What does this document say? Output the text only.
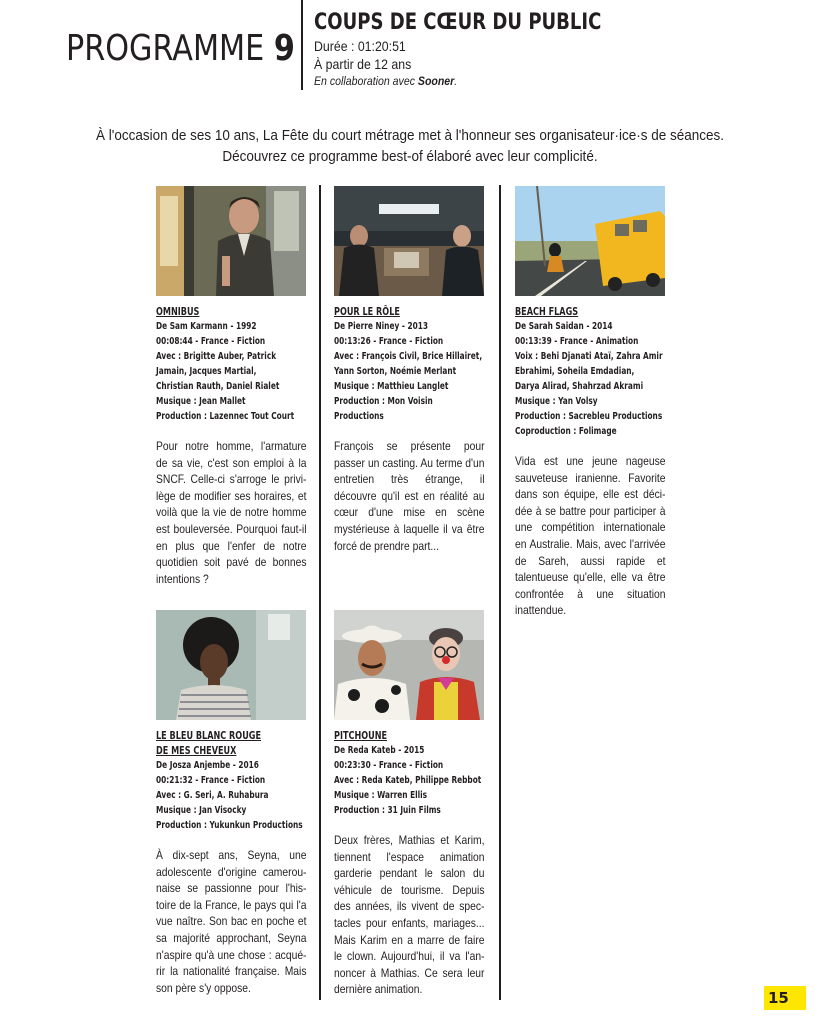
PROGRAMME 9
COUPS DE CŒUR DU PUBLIC
Durée : 01:20:51
À partir de 12 ans
En collaboration avec Sooner.
À l'occasion de ses 10 ans, La Fête du court métrage met à l'honneur ses organisateur·ice·s de séances.
Découvrez ce programme best-of élaboré avec leur complicité.
OMNIBUS
De Sam Karmann - 1992
00:08:44 - France - Fiction
Avec : Brigitte Auber, Patrick
Jamain, Jacques Martial,
Christian Rauth, Daniel Rialet
Musique : Jean Mallet
Production : Lazennec Tout Court
Pour notre homme, l'armature de sa vie, c'est son emploi à la SNCF. Celle-ci s'arroge le privilège de modifier ses horaires, et voilà que la vie de notre homme est bouleversée. Pourquoi faut-il en plus que l'enfer de notre quotidien soit pavé de bonnes intentions ?
POUR LE RÔLE
De Pierre Niney - 2013
00:13:26 - France - Fiction
Avec : François Civil, Brice Hillairet,
Yann Sorton, Noémie Merlant
Musique : Matthieu Langlet
Production : Mon Voisin
Productions
François se présente pour passer un casting. Au terme d'un entretien très étrange, il découvre qu'il est en réalité au cœur d'une mise en scène mystérieuse à laquelle il va être forcé de prendre part...
BEACH FLAGS
De Sarah Saidan - 2014
00:13:39 - France - Animation
Voix : Behi Djanati Ataï, Zahra Amir
Ebrahimi, Soheila Emdadian,
Darya Alirad, Shahrzad Akrami
Musique : Yan Volsy
Production : Sacrebleu Productions
Coproduction : Folimage
Vida est une jeune nageuse sauveteuse iranienne. Favorite dans son équipe, elle est décidée à se battre pour participer à une compétition internationale en Australie. Mais, avec l'arrivée de Sareh, aussi rapide et talentueuse qu'elle, elle va être confrontée à une situation inattendue.
LE BLEU BLANC ROUGE
DE MES CHEVEUX
De Josza Anjembe - 2016
00:21:32 - France - Fiction
Avec : G. Seri, A. Ruhabura
Musique : Jan Visocky
Production : Yukunkun Productions
À dix-sept ans, Seyna, une adolescente d'origine camerounaise se passionne pour l'histoire de la France, le pays qui l'a vue naître. Son bac en poche et sa majorité approchant, Seyna n'aspire qu'à une chose : acquérir la nationalité française. Mais son père s'y oppose.
PITCHOUNE
De Reda Kateb - 2015
00:23:30 - France - Fiction
Avec : Reda Kateb, Philippe Rebbot
Musique : Warren Ellis
Production : 31 Juin Films
Deux frères, Mathias et Karim, tiennent l'espace animation garderie pendant le salon du véhicule de tourisme. Depuis des années, ils vivent de spectacles pour enfants, mariages... Mais Karim en a marre de faire le clown. Aujourd'hui, il va l'annoncer à Mathias. Ce sera leur dernière animation.	15
